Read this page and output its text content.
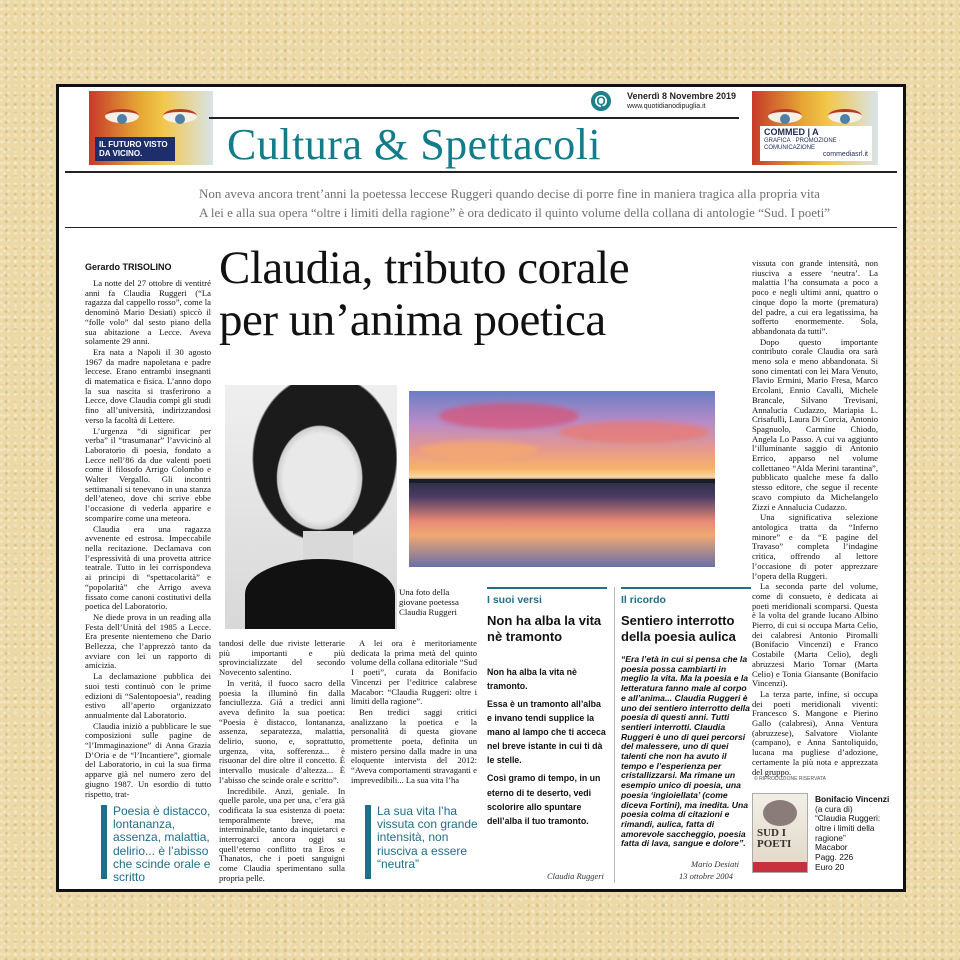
IL FUTURO VISTO DA VICINO.
Q	Venerdì 8 Novembre 2019
www.quotidianodipuglia.it
Cultura & Spettacoli	COMMED | A
GRAFICA · PROMOZIONE · COMUNICAZIONE
commediasrl.it
Non aveva ancora trent’anni la poetessa leccese Ruggeri quando decise di porre fine in maniera tragica alla propria vita
A lei e alla sua opera “oltre i limiti della ragione” è ora dedicato il quinto volume della collana di antologie “Sud. I poeti”
Gerardo TRISOLINO Claudia, tributo corale
per un’anima poetica

La notte del 27 ottobre di ventitré anni fa Claudia Ruggeri (“La ragazza dal cappello rosso”, come la denominò Mario Desiati) spiccò il “folle volo” dal sesto piano della sua abitazione a Lecce. Aveva solamente 29 anni.

Era nata a Napoli il 30 agosto 1967 da madre napoletana e padre leccese. Erano entrambi insegnanti di matematica e fisica. L’anno dopo la sua nascita si trasferirono a Lecce, dove Claudia compì gli studi fino all’università, indirizzandosi verso la facoltà di Lettere.

L’urgenza “di significar per verba” il “trasumanar” l’avvicinò al Laboratorio di poesia, fondato a Lecce nell’86 da due valenti poeti come il filosofo Arrigo Colombo e Walter Vergallo. Gli incontri settimanali si tenevano in una stanza dell’ateneo, dove chi scrive ebbe l’occasione di vederla apparire e scomparire come una meteora.

Claudia era una ragazza avvenente ed estrosa. Impeccabile nella recitazione. Declamava con l’espressività di una provetta attrice teatrale. Tutto in lei corrispondeva ai principi di “spettacolarità” e “popolarità” che Arrigo aveva fissato come canoni costitutivi della poetica del Laboratorio.

Ne diede prova in un reading alla Festa dell’Unità del 1985 a Lecce. Era presente nientemeno che Dario Bellezza, che l’apprezzò tanto da avviare con lei un rapporto di amicizia.

La declamazione pubblica dei suoi testi continuò con le prime edizioni di “Salentopoesia”, reading estivo all’aperto organizzato annualmente dal Laboratorio.

Claudia iniziò a pubblicare le sue composizioni sulle pagine de “l’Immaginazione” di Anna Grazia D’Oria e de “l’Incantiere”, giornale del Laboratorio, in cui la sua firma apparve già nel numero zero del giugno 1987. Un esordio di tutto rispetto, trat-

Una foto della giovane poetessa Claudia Ruggeri

tandosi delle due riviste letterarie più importanti e più sprovincializzate del secondo Novecento salentino.

In verità, il fuoco sacro della poesia la illuminò fin dalla fanciullezza. Già a tredici anni aveva definito la sua poetica: “Poesia è distacco, lontananza, assenza, separatezza, malattia, delirio, suono, e, soprattutto, urgenza, vita, sofferenza... è risuonar del dire oltre il concetto. È intervallo musicale d’altezza... È l’abisso che scinde orale e scritto”.

Incredibile. Anzi, geniale. In quelle parole, una per una, c’era già codificata la sua esistenza di poeta: temporalmente breve, ma interminabile, tanto da inquietarci e interrogarci ancora oggi su quell’eterno conflitto tra Eros e Thanatos, che i poeti sanguigni come Claudia sperimentano sulla propria pelle.

A lei ora è meritoriamente dedicata la prima metà del quinto volume della collana editoriale “Sud I poeti”, curata da Bonifacio Vincenzi per l’editrice calabrese Macabor: “Claudia Ruggeri: oltre i limiti della ragione”.

Ben tredici saggi critici analizzano la poetica e la personalità di questa giovane promettente poeta, definita un mistero persino dalla madre in una eloquente intervista del 2012: “Aveva comportamenti stravaganti e imprevedibili... La sua vita l’ha

I suoi versi
Non ha alba la vita nè tramonto

Non ha alba la vita nè tramonto.

Essa è un tramonto all’alba e invano tendi supplice la mano al lampo che ti acceca nel breve istante in cui ti dà le stelle.

Così gramo di tempo, in un eterno di te deserto, vedi scolorire allo spuntare dell’alba il tuo tramonto.

Claudia Ruggeri
Il ricordo
Sentiero interrotto della poesia aulica
“Era l’età in cui si pensa che la poesia possa cambiarti in meglio la vita. Ma la poesia e la letteratura fanno male al corpo e all’anima... Claudia Ruggeri è uno dei sentiero interrotto della poesia di questi anni. Tutti sentieri interrotti. Claudia Ruggeri è uno di quei percorsi del malessere, uno di quei talenti che non ha avuto il tempo e l’esperienza per cristallizzarsi. Ma rimane un esempio unico di poesia, una poesia ‘ingioiellata’ (come diceva Fortini), ma inedita. Una poesia colma di citazioni e rimandi, aulica, fatta di amorevole saccheggio, poesia fatta di lava, sangue e dolore”.
Mario Desiati
13 ottobre 2004

vissuta con grande intensità, non riusciva a essere ‘neutra’. La malattia l’ha consumata a poco a poco e negli ultimi anni, quattro o cinque dopo la morte (prematura) del padre, a cui era legatissima, ha sofferto enormemente. Sola, abbandonata da tutti”.

Dopo questo importante contributo corale Claudia ora sarà meno sola e meno abbandonata. Si sono cimentati con lei Mara Venuto, Flavio Ermini, Mario Fresa, Marco Ercolani, Ennio Cavalli, Michele Brancale, Silvano Trevisani, Annalucia Cudazzo, Mariapia L. Crisafulli, Laura Di Corcia, Antonio Spagnuolo, Carmine Chiodo, Angela Lo Passo. A cui va aggiunto l’illuminante saggio di Antonio Errico, apparso nel volume collettaneo “Alda Merini tarantina”, pubblicato qualche mese fa dallo stesso editore, che segue il recente scavo compiuto da Michelangelo Zizzi e Annalucia Cudazzo.

Una significativa selezione antologica tratta da “Inferno minore” e da “E pagine del Travaso” completa l’indagine critica, offrendo al lettore l’occasione di poter apprezzare l’opera della Ruggeri.

La seconda parte del volume, come di consueto, è dedicata ai poeti meridionali scomparsi. Questa è la volta del grande lucano Albino Pierro, di cui si occupa Marta Celio, dei calabresi Antonio Piromalli (Bonifacio Vincenzi) e Franco Costabile (Marta Celio), degli abruzzesi Mario Tornar (Marta Celio) e Tonia Giansante (Bonifacio Vincenzi).

La terza parte, infine, si occupa dei poeti meridionali viventi: Francesco S. Mangone e Pierino Gallo (calabresi), Anna Ventura (abruzzese), Salvatore Violante (campano), e Anna Santoliquido, lucana ma pugliese d’adozione, certamente la più nota e apprezzata del gruppo.

© RIPRODUZIONE RISERVATA
Poesia è distacco, lontananza, assenza, malattia, delirio... è l’abisso che scinde orale e scritto
La sua vita l’ha vissuta con grande intensità, non riusciva a essere “neutra”
SUD I POETI
Bonifacio Vincenzi
(a cura di)
“Claudia Ruggeri: oltre i limiti della ragione”
Macabor
Pagg. 226
Euro 20
